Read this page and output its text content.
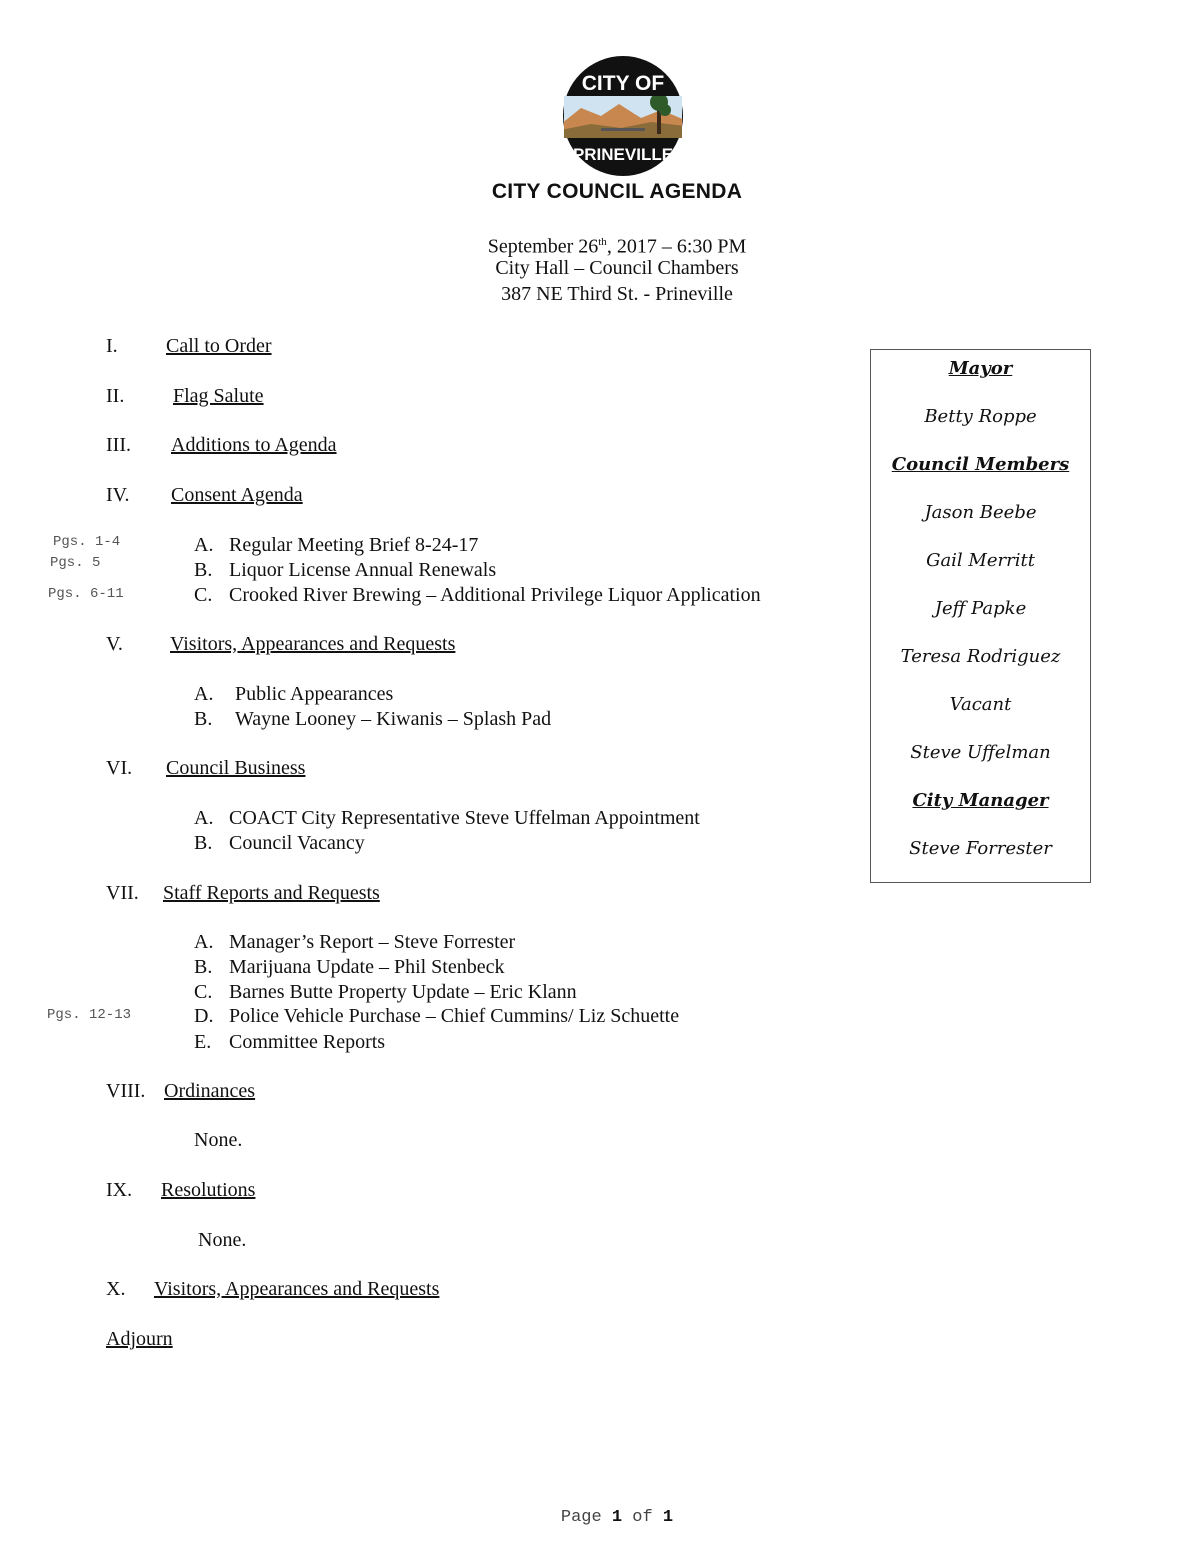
CITY OF
PRINEVILLE
CITY COUNCIL AGENDA
September 26th, 2017 – 6:30 PM
City Hall – Council Chambers
387 NE Third St. - Prineville
I. Call to Order
II. Flag Salute
III. Additions to Agenda
IV. Consent Agenda
Pgs. 1-4	A. Regular Meeting Brief 8-24-17
Pgs. 5	B. Liquor License Annual Renewals
Pgs. 6-11	C. Crooked River Brewing – Additional Privilege Liquor Application
V. Visitors, Appearances and Requests
A. Public Appearances
B. Wayne Looney – Kiwanis – Splash Pad
VI. Council Business
A. COACT City Representative Steve Uffelman Appointment
B. Council Vacancy
VII. Staff Reports and Requests
A. Manager’s Report – Steve Forrester
B. Marijuana Update – Phil Stenbeck
C. Barnes Butte Property Update – Eric Klann
Pgs. 12-13	D. Police Vehicle Purchase – Chief Cummins/ Liz Schuette
E. Committee Reports
VIII. Ordinances
None.
IX. Resolutions
None.
X. Visitors, Appearances and Requests
Adjourn
Mayor
Betty Roppe
Council Members
Jason Beebe
Gail Merritt
Jeff Papke
Teresa Rodriguez
Vacant
Steve Uffelman
City Manager
Steve Forrester
Page 1 of 1
